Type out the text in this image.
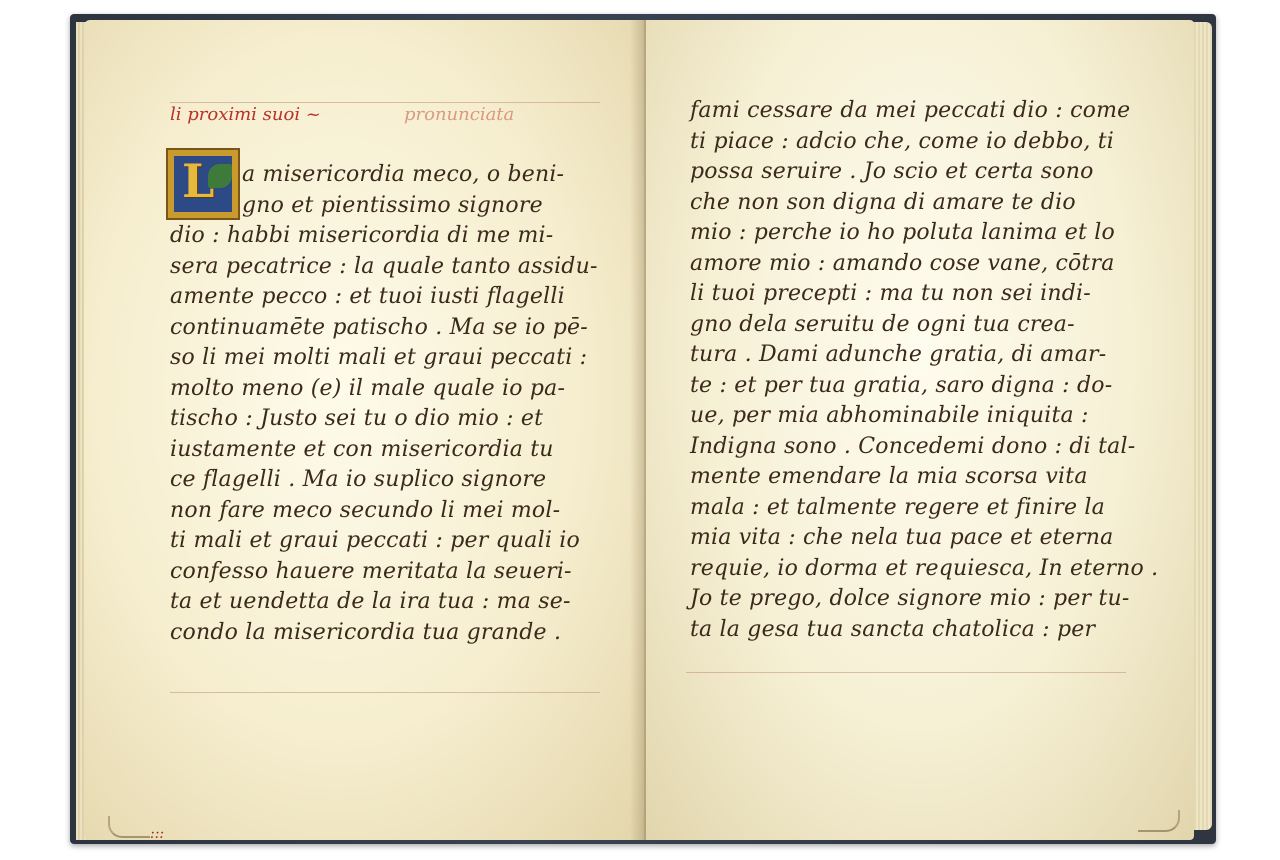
li proximi suoi ~	pronunciata
L a misericordia meco, o beni-
gno et pientissimo signore
dio : habbi misericordia di me mi-
sera pecatrice : la quale tanto assidu-
amente pecco : et tuoi iusti flagelli
continuamēte patischo . Ma se io pē-
so li mei molti mali et graui peccati :
molto meno (e) il male quale io pa-
tischo : Justo sei tu o dio mio : et
iustamente et con misericordia tu
ce flagelli . Ma io suplico signore
non fare meco secundo li mei mol-
ti mali et graui peccati : per quali io
confesso hauere meritata la seueri-
ta et uendetta de la ira tua : ma se-
condo la misericordia tua grande .
:::
fami cessare da mei peccati dio : come
ti piace : adcio che, come io debbo, ti
possa seruire . Jo scio et certa sono
che non son digna di amare te dio
mio : perche io ho poluta lanima et lo
amore mio : amando cose vane, cōtra
li tuoi precepti : ma tu non sei indi-
gno dela seruitu de ogni tua crea-
tura . Dami adunche gratia, di amar-
te : et per tua gratia, saro digna : do-
ue, per mia abhominabile iniquita :
Indigna sono . Concedemi dono : di tal-
mente emendare la mia scorsa vita
mala : et talmente regere et finire la
mia vita : che nela tua pace et eterna
requie, io dorma et requiesca, In eterno .
Jo te prego, dolce signore mio : per tu-
ta la gesa tua sancta chatolica : per
